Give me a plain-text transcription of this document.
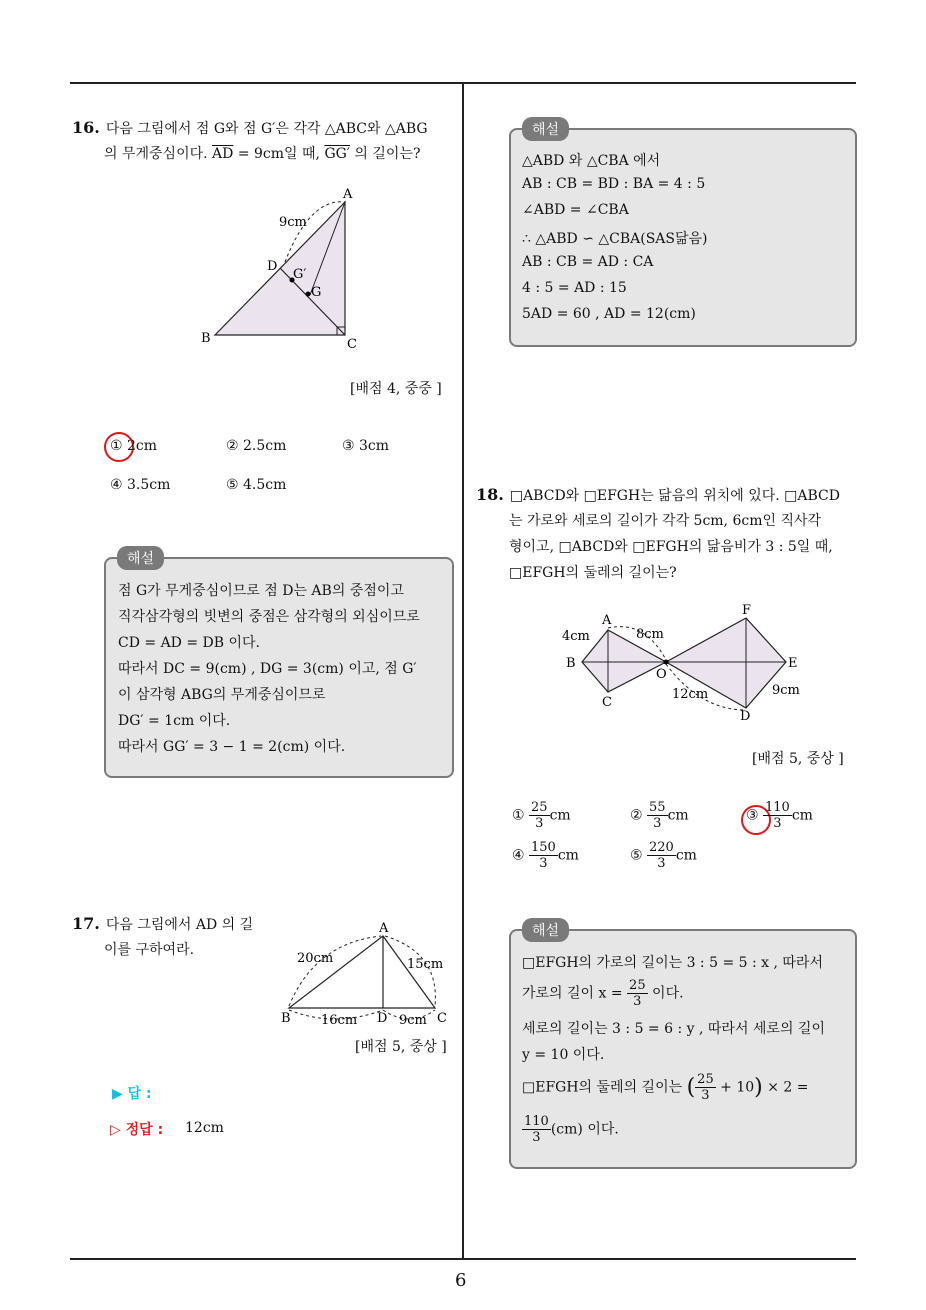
6
16. 다음 그림에서 점 G와 점 G′은 각각 △ABC와 △ABG
의 무게중심이다. $\overline{AD} = 9cm$일 때, GG′ 의 길이는?
A
B	C
D
G′
G
9cm
[배점 4, 중중 ]
① 2cm	② 2.5cm	③ 3cm
④ 3.5cm	⑤ 4.5cm
해설
점 G가 무게중심이므로 점 D는 AB의 중점이고
직각삼각형의 빗변의 중점은 삼각형의 외심이므로
CD = AD = DB 이다.
따라서 DC = 9(cm) , DG = 3(cm) 이고, 점 G′
이 삼각형 ABG의 무게중심이므로
DG′ = 1cm 이다.
따라서 GG′ = 3 − 1 = 2(cm) 이다.
17. 다음 그림에서 AD 의 길
이를 구하여라.
A
B	C
D
20cm	15cm
16cm	9cm
[배점 5, 중상 ]
▶ 답 :
▷ 정답 : 12cm
해설
△ABD 와 △CBA 에서
AB : CB = BD : BA = 4 : 5
∠ABD = ∠CBA
∴ △ABD ∽ △CBA(SAS닮음)
AB : CB = AD : CA
4 : 5 = AD : 15
5AD = 60 , AD = 12(cm)
18. □ABCD와 □EFGH는 닮음의 위치에 있다. □ABCD
는 가로와 세로의 길이가 각각 5cm, 6cm인 직사각
형이고, □ABCD와 □EFGH의 닮음비가 3 : 5일 때,
□EFGH의 둘레의 길이는?
A
B
C
D
E
F
O
4cm	8cm
12cm	9cm
[배점 5, 중상 ]
① $\frac{25}{3}$ cm	② $\frac{55}{3}$ cm	③ $\frac{110}{3}$ cm
④ $\frac{150}{3}$ cm	⑤ $\frac{220}{3}$ cm
해설
□EFGH의 가로의 길이는 3 : 5 = 5 : x , 따라서
가로의 길이 $x = \frac{25}{3}$ 이다.
세로의 길이는 3 : 5 = 6 : y , 따라서 세로의 길이
y = 10 이다.
□EFGH의 둘레의 길이는 ( $\frac{25}{3} + 10) \times 2$ =
$\frac{110}{3} (cm)$ 이다.
